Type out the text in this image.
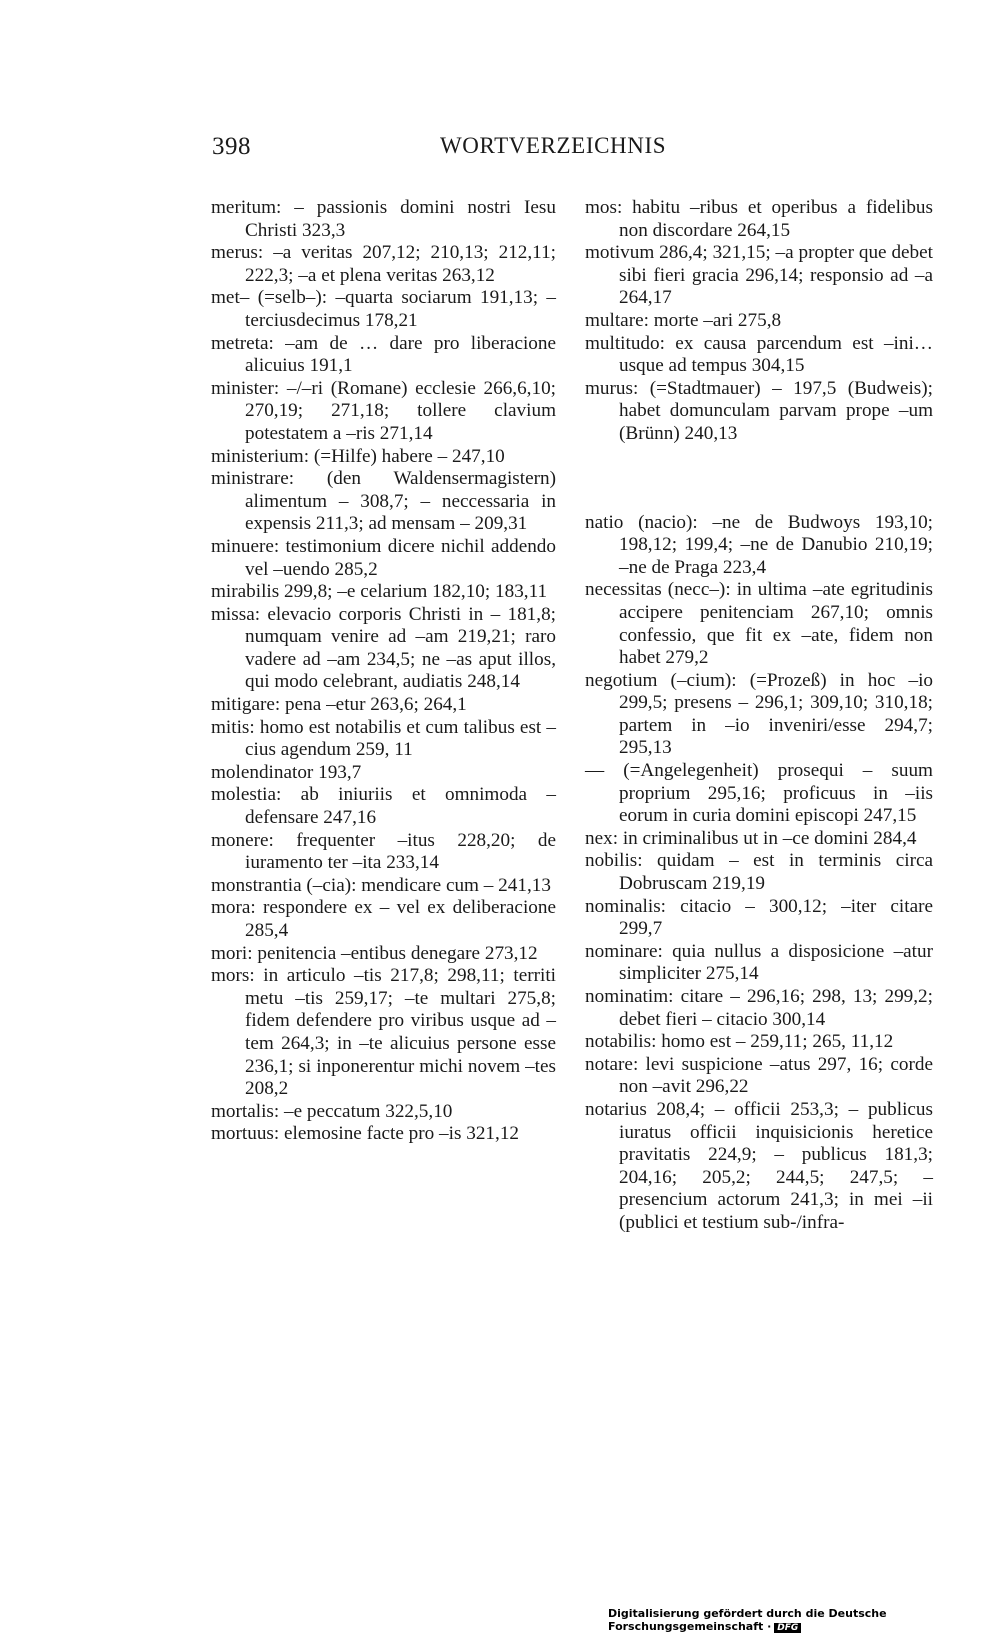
398	WORTVERZEICHNIS

meritum: – passionis domini nostri Iesu Christi 323,3

merus: –a veritas 207,12; 210,13; 212,11; 222,3; –a et plena veritas 263,12

met– (=selb–): –quarta sociarum 191,13; –terciusdecimus 178,21

metreta: –am de … dare pro liberacione alicuius 191,1

minister: –/–ri (Romane) ecclesie 266,6,10; 270,19; 271,18; tollere clavium potestatem a –ris 271,14

ministerium: (=Hilfe) habere – 247,10

ministrare: (den Waldensermagistern) alimentum – 308,7; – neccessaria in expensis 211,3; ad mensam – 209,31

minuere: testimonium dicere nichil addendo vel –uendo 285,2

mirabilis 299,8; –e celarium 182,10; 183,11

missa: elevacio corporis Christi in – 181,8; numquam venire ad –am 219,21; raro vadere ad –am 234,5; ne –as aput illos, qui modo celebrant, audiatis 248,14

mitigare: pena –etur 263,6; 264,1

mitis: homo est notabilis et cum talibus est –cius agendum 259, 11

molendinator 193,7

molestia: ab iniuriis et omnimoda – defensare 247,16

monere: frequenter –itus 228,20; de iuramento ter –ita 233,14

monstrantia (–cia): mendicare cum – 241,13

mora: respondere ex – vel ex deliberacione 285,4

mori: penitencia –entibus denegare 273,12

mors: in articulo –tis 217,8; 298,11; territi metu –tis 259,17; –te multari 275,8; fidem defendere pro viribus usque ad –tem 264,3; in –te alicuius persone esse 236,1; si inponerentur michi novem –tes 208,2

mortalis: –e peccatum 322,5,10

mortuus: elemosine facte pro –is 321,12

mos: habitu –ribus et operibus a fidelibus non discordare 264,15

motivum 286,4; 321,15; –a propter que debet sibi fieri gracia 296,14; responsio ad –a 264,17

multare: morte –ari 275,8

multitudo: ex causa parcendum est –ini… usque ad tempus 304,15

murus: (=Stadtmauer) – 197,5 (Budweis); habet domunculam parvam prope –um (Brünn) 240,13

natio (nacio): –ne de Budwoys 193,10; 198,12; 199,4; –ne de Danubio 210,19; –ne de Praga 223,4

necessitas (necc–): in ultima –ate egritudinis accipere penitenciam 267,10; omnis confessio, que fit ex –ate, fidem non habet 279,2

negotium (–cium): (=Prozeß) in hoc –io 299,5; presens – 296,1; 309,10; 310,18; partem in –io inveniri/esse 294,7; 295,13

— (=Angelegenheit) prosequi – suum proprium 295,16; proficuus in –iis eorum in curia domini episcopi 247,15

nex: in criminalibus ut in –ce domini 284,4

nobilis: quidam – est in terminis circa Dobruscam 219,19

nominalis: citacio – 300,12; –iter citare 299,7

nominare: quia nullus a disposicione –atur simpliciter 275,14

nominatim: citare – 296,16; 298, 13; 299,2; debet fieri – citacio 300,14

notabilis: homo est – 259,11; 265, 11,12

notare: levi suspicione –atus 297, 16; corde non –avit 296,22

notarius 208,4; – officii 253,3; – publicus iuratus officii inquisicionis heretice pravitatis 224,9; – publicus 181,3; 204,16; 205,2; 244,5; 247,5; – presencium actorum 241,3; in mei –ii (publici et testium sub-/infra-

Digitalisierung gefördert durch die Deutsche Forschungsgemeinschaft · DFG
